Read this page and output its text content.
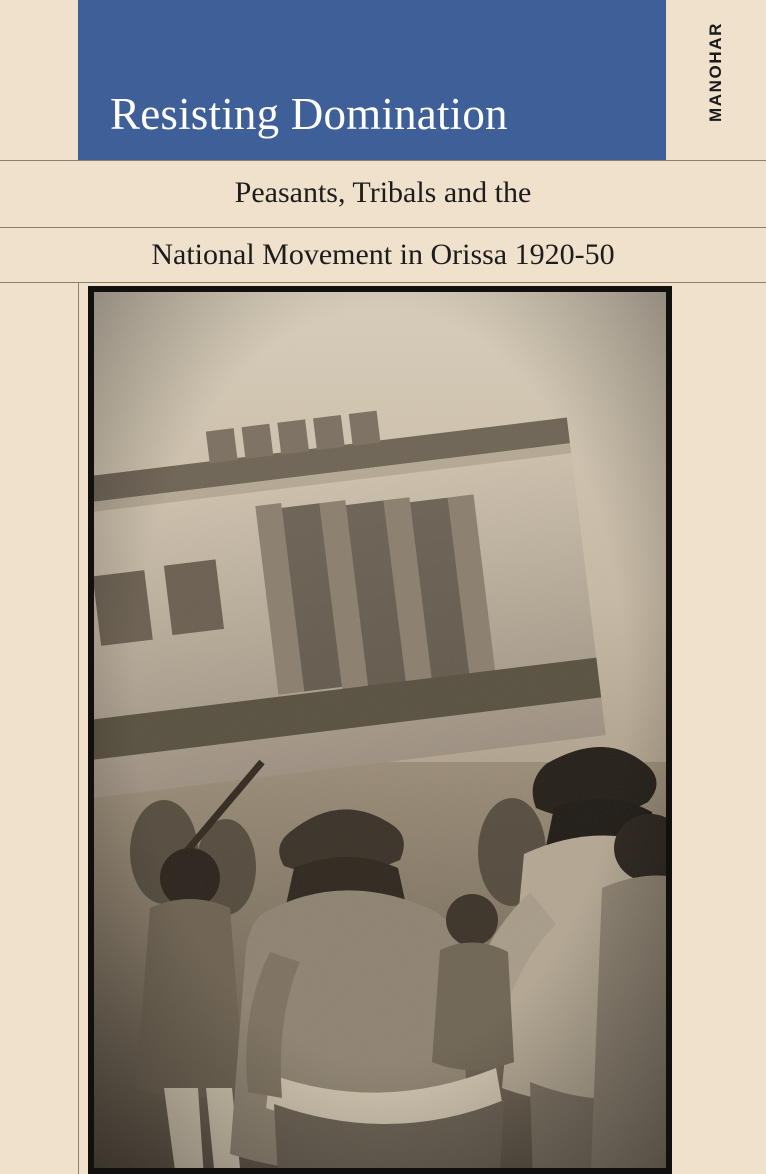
Resisting Domination	MANOHAR
Peasants, Tribals and the
National Movement in Orissa 1920-50
